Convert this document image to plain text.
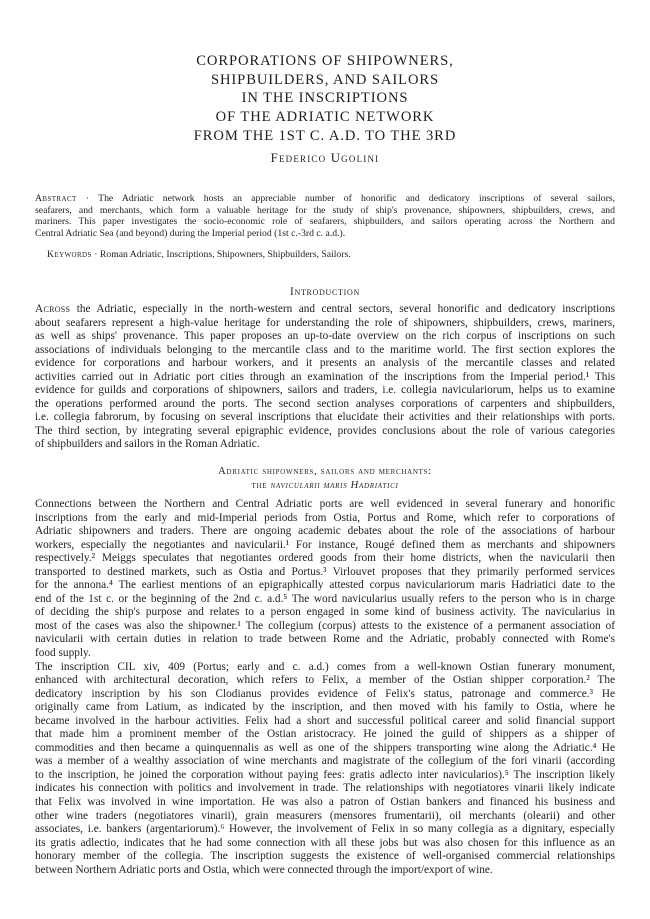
CORPORATIONS OF SHIPOWNERS,
SHIPBUILDERS, AND SAILORS
IN THE INSCRIPTIONS
OF THE ADRIATIC NETWORK
FROM THE 1ST C. A.D. TO THE 3RD
Federico Ugolini
Abstract · The Adriatic network hosts an appreciable number of honorific and dedicatory inscriptions of several sailors,
seafarers, and merchants, which form a valuable heritage for the study of ship's provenance, shipowners, shipbuilders, crews, and
mariners. This paper investigates the socio-economic role of seafarers, shipbuilders, and sailors operating across the Northern and
Central Adriatic Sea (and beyond) during the Imperial period (1st c.-3rd c. a.d.).
Keywords · Roman Adriatic, Inscriptions, Shipowners, Shipbuilders, Sailors.
Introduction
Across the Adriatic, especially in the north-western and central sectors, several honorific and dedicatory inscriptions
about seafarers represent a high-value heritage for understanding the role of shipowners, shipbuilders, crews, mariners,
as well as ships' provenance. This paper proposes an up-to-date overview on the rich corpus of inscriptions on such
associations of individuals belonging to the mercantile class and to the maritime world. The first section explores the
evidence for corporations and harbour workers, and it presents an analysis of the mercantile classes and related
activities carried out in Adriatic port cities through an examination of the inscriptions from the Imperial period.¹ This
evidence for guilds and corporations of shipowners, sailors and traders, i.e. collegia naviculariorum, helps us to examine
the operations performed around the ports. The second section analyses corporations of carpenters and shipbuilders,
i.e. collegia fabrorum, by focusing on several inscriptions that elucidate their activities and their relationships with ports.
The third section, by integrating several epigraphic evidence, provides conclusions about the role of various categories
of shipbuilders and sailors in the Roman Adriatic.
Adriatic shipowners, sailors and merchants:
the navicularii maris Hadriatici
Connections between the Northern and Central Adriatic ports are well evidenced in several funerary and honorific
inscriptions from the early and mid-Imperial periods from Ostia, Portus and Rome, which refer to corporations of
Adriatic shipowners and traders. There are ongoing academic debates about the role of the associations of harbour
workers, especially the negotiantes and navicularii.¹ For instance, Rougé defined them as merchants and shipowners
respectively.² Meiggs speculates that negotiantes ordered goods from their home districts, when the navicularii then
transported to destined markets, such as Ostia and Portus.³ Virlouvet proposes that they primarily performed services
for the annona.⁴ The earliest mentions of an epigraphically attested corpus naviculariorum maris Hadriatici date to the
end of the 1st c. or the beginning of the 2nd c. a.d.⁵ The word navicularius usually refers to the person who is in charge
of deciding the ship's purpose and relates to a person engaged in some kind of business activity. The navicularius in
most of the cases was also the shipowner.¹ The collegium (corpus) attests to the existence of a permanent association of
navicularii with certain duties in relation to trade between Rome and the Adriatic, probably connected with Rome's
food supply.
The inscription CIL xiv, 409 (Portus; early and c. a.d.) comes from a well-known Ostian funerary monument,
enhanced with architectural decoration, which refers to Felix, a member of the Ostian shipper corporation.² The
dedicatory inscription by his son Clodianus provides evidence of Felix's status, patronage and commerce.³ He
originally came from Latium, as indicated by the inscription, and then moved with his family to Ostia, where he
became involved in the harbour activities. Felix had a short and successful political career and solid financial support
that made him a prominent member of the Ostian aristocracy. He joined the guild of shippers as a shipper of
commodities and then became a quinquennalis as well as one of the shippers transporting wine along the Adriatic.⁴ He
was a member of a wealthy association of wine merchants and magistrate of the collegium of the fori vinarii (according
to the inscription, he joined the corporation without paying fees: gratis adlecto inter navicularios).⁵ The inscription likely
indicates his connection with politics and involvement in trade. The relationships with negotiatores vinarii likely indicate
that Felix was involved in wine importation. He was also a patron of Ostian bankers and financed his business and
other wine traders (negotiatores vinarii), grain measurers (mensores frumentarii), oil merchants (olearii) and other
associates, i.e. bankers (argentariorum).⁶ However, the involvement of Felix in so many collegia as a dignitary, especially
its gratis adlectio, indicates that he had some connection with all these jobs but was also chosen for this influence as an
honorary member of the collegia. The inscription suggests the existence of well-organised commercial relationships
between Northern Adriatic ports and Ostia, which were connected through the import/export of wine.
